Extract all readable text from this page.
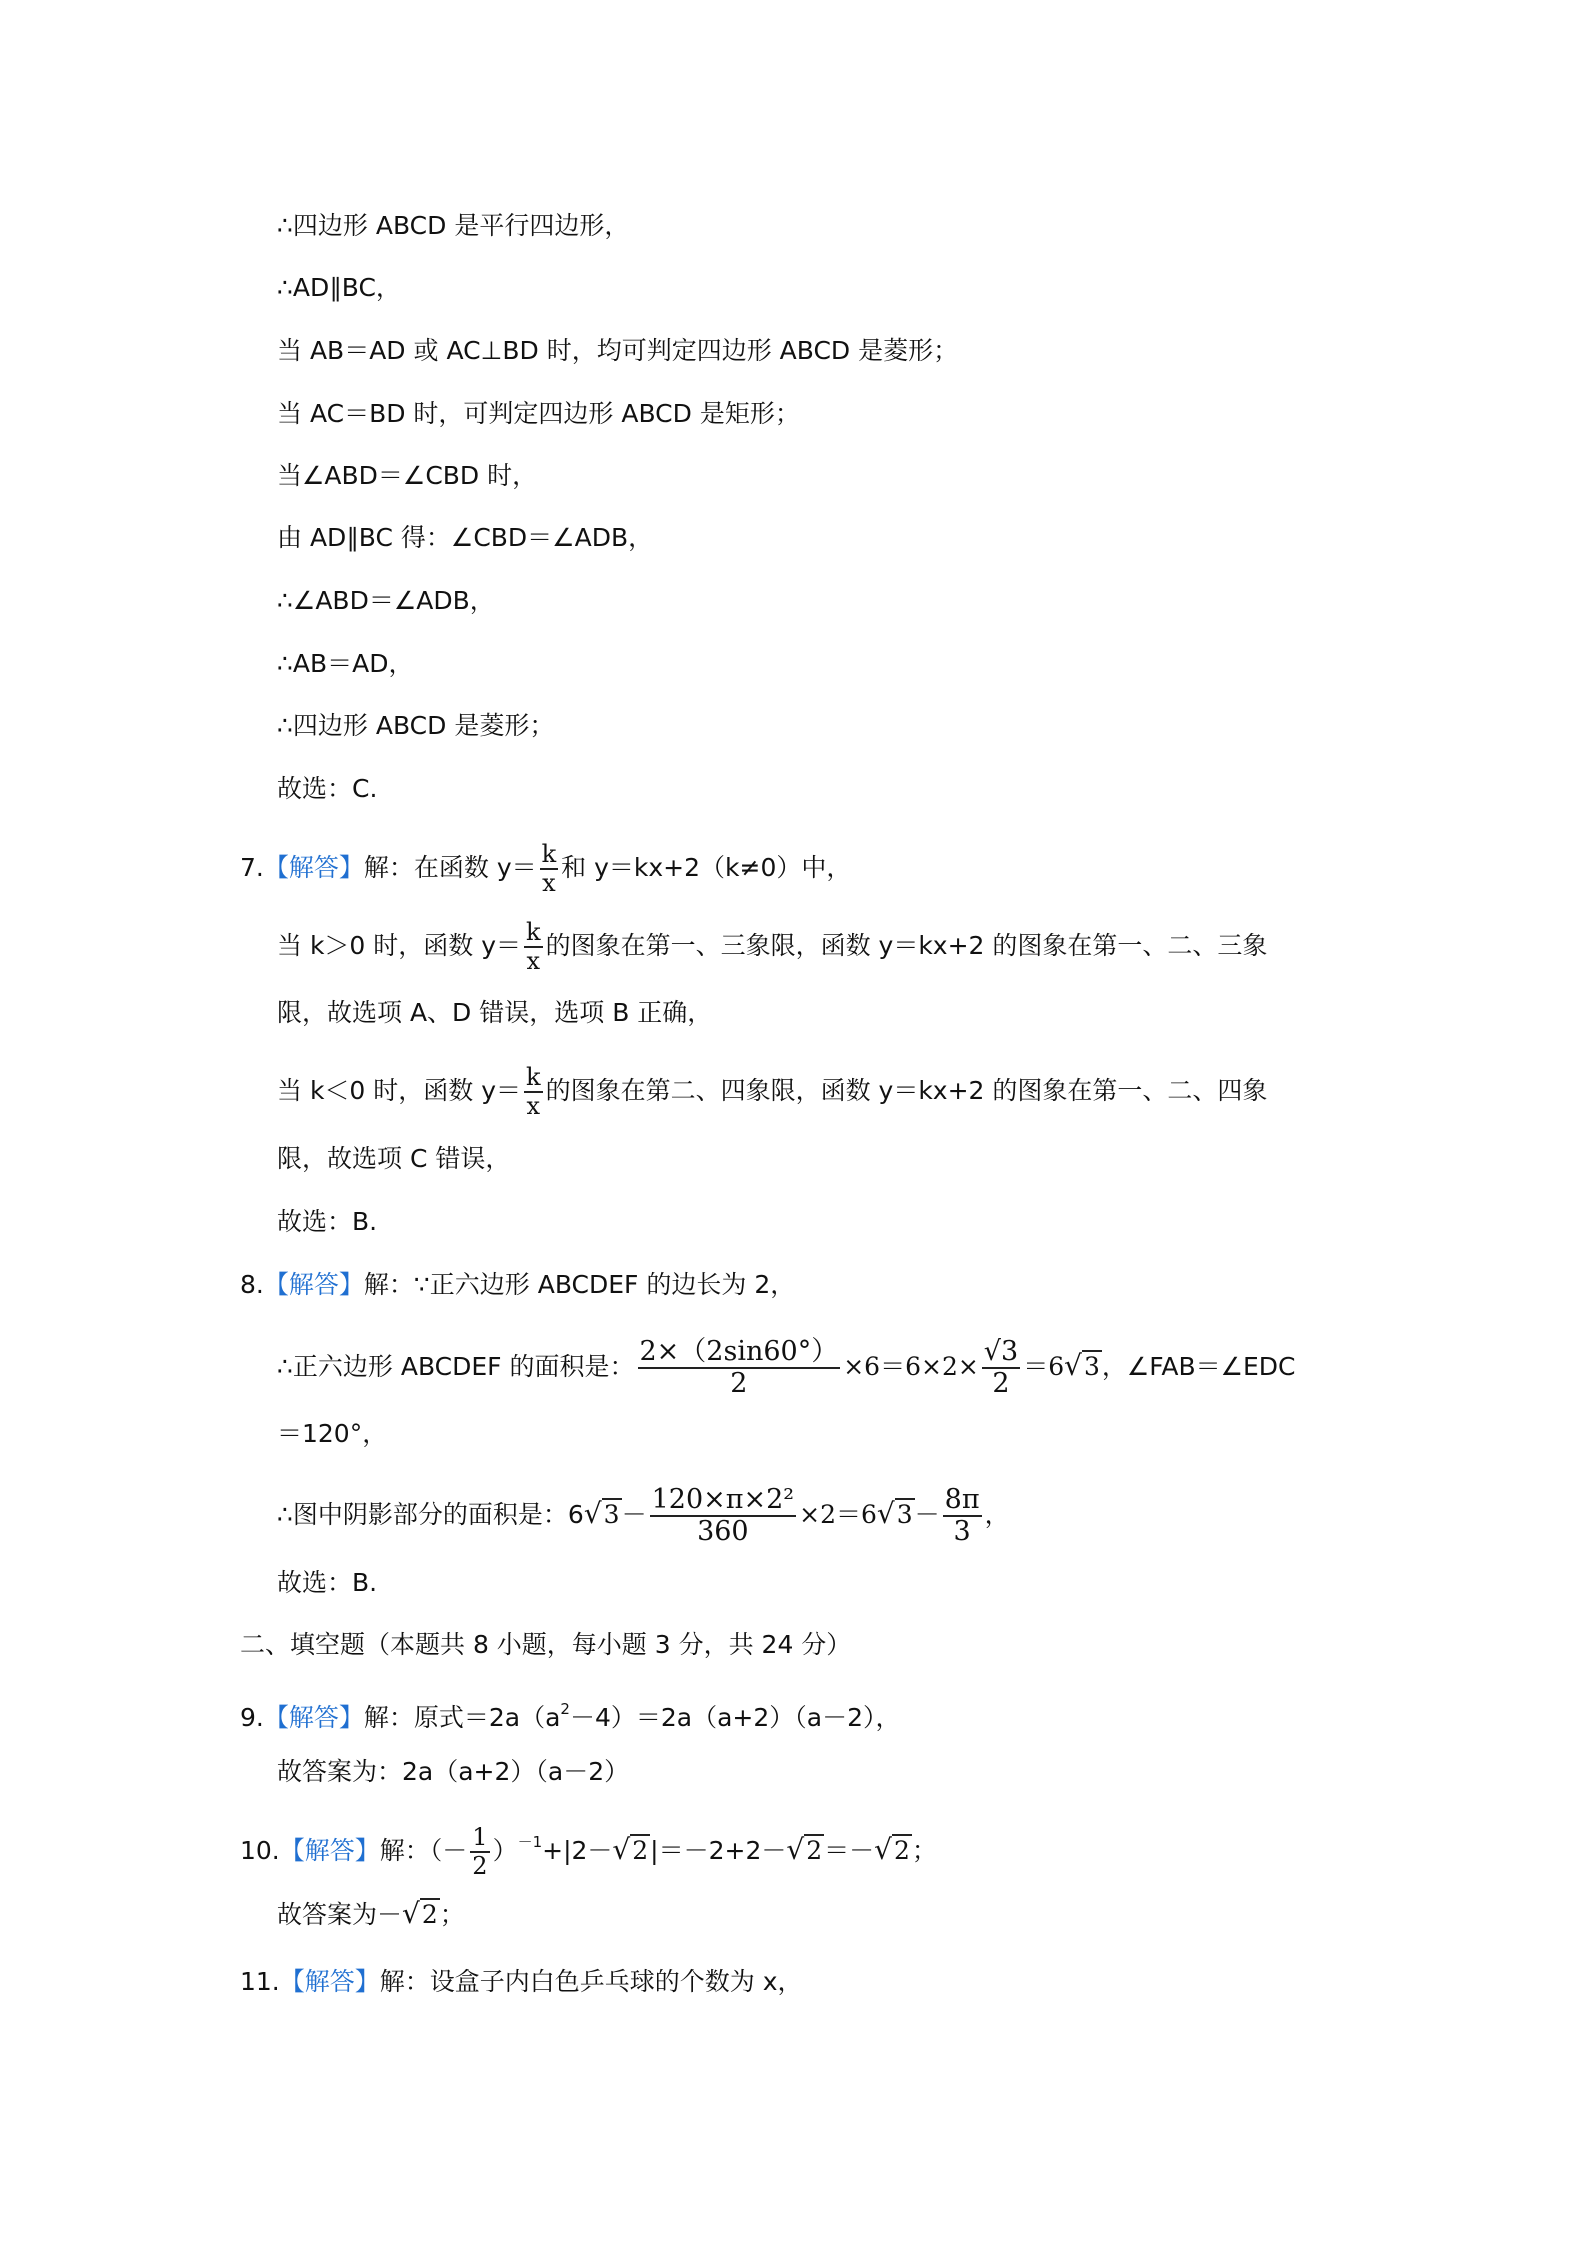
∴四边形 ABCD 是平行四边形，
∴AD∥BC，
当 AB＝AD 或 AC⊥BD 时，均可判定四边形 ABCD 是菱形；
当 AC＝BD 时，可判定四边形 ABCD 是矩形；
当∠ABD＝∠CBD 时，
由 AD∥BC 得：∠CBD＝∠ADB，
∴∠ABD＝∠ADB，
∴AB＝AD，
∴四边形 ABCD 是菱形；
故选：C.
7.【解答】解：在函数 $y= \frac{k}{x}$ 和 y＝kx+2（k≠0）中，
当 k＞0 时，函数 $y= \frac{k}{x}$ 的图象在第一、三象限，函数 y＝kx+2 的图象在第一、二、三象
限，故选项 A、D 错误，选项 B 正确，
当 k＜0 时，函数 $y= \frac{k}{x}$ 的图象在第二、四象限，函数 y＝kx+2 的图象在第一、二、四象
限，故选项 C 错误，
故选：B.
8.【解答】解：∵正六边形 ABCDEF 的边长为 2，
∴正六边形 ABCDEF 的面积是： $\frac{2\times(2\sin 60^\circ)}{2} \times 6=6\times 2\times \frac{√3}{2} =6√3$，∠FAB＝∠EDC
＝120°，
∴图中阴影部分的面积是：$6√3- \frac{\text{120×π×2²}}{360} \times 2=6√3- \frac{8\pi}{3}$ ，
故选：B.
二、填空题（本题共 8 小题，每小题 3 分，共 24 分）
9.【解答】解：原式$=2a(a^2-4)=2a(a+2)(a-2)$，
故答案为：2a（a+2）（a－2）
10.【解答】解：（－ $\frac{1}{2} )^{-1}+|2-√2|=-2+2-√2=-√2$；
故答案为－√2；
11.【解答】解：设盒子内白色乒乓球的个数为 x，
